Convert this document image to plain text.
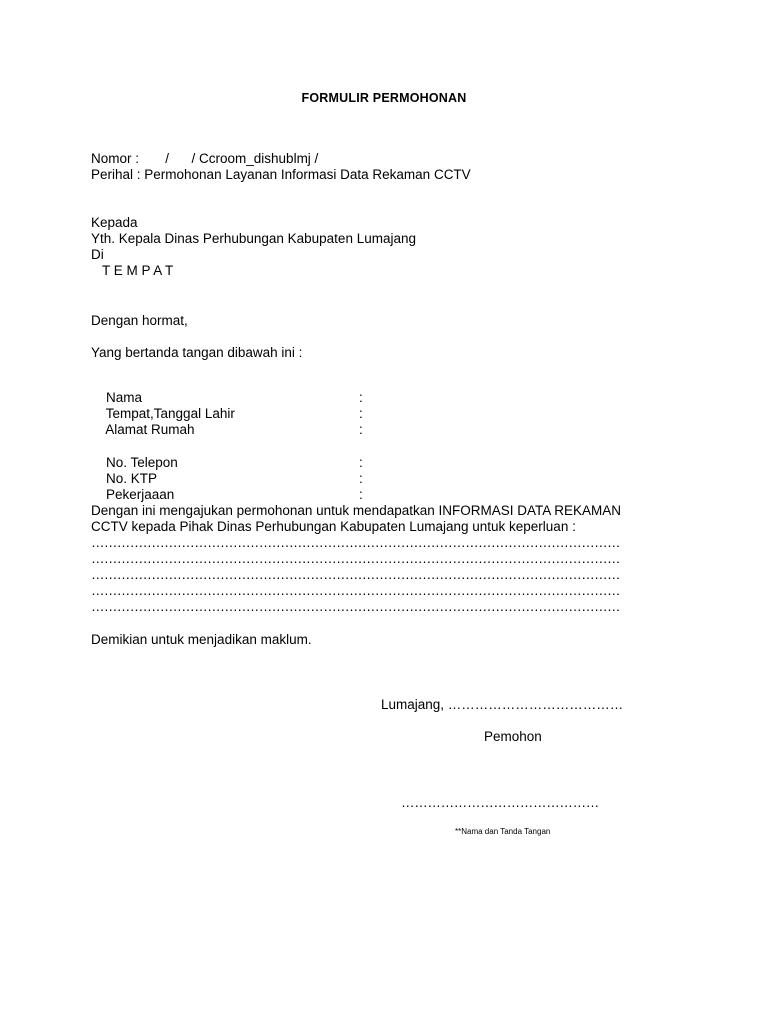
FORMULIR PERMOHONAN
Nomor :       /      / Ccroom_dishublmj /
Perihal : Permohonan Layanan Informasi Data Rekaman CCTV
Kepada
Yth. Kepala Dinas Perhubungan Kabupaten Lumajang
Di
T E M P A T
Dengan hormat,
Yang bertanda tangan dibawah ini :

Nama	:

Tempat,Tanggal Lahir	:

Alamat Rumah	:

No. Telepon	:

No. KTP	:

Pekerjaaan	:

Dengan ini mengajukan permohonan untuk mendapatkan INFORMASI DATA REKAMAN
CCTV kepada Pihak Dinas Perhubungan Kabupaten Lumajang untuk keperluan :
……………………………………………………………………………………………………………
……………………………………………………………………………………………………………
……………………………………………………………………………………………………………
……………………………………………………………………………………………………………
……………………………………………………………………………………………………………
Demikian untuk menjadikan maklum.
Lumajang, …………………………………
Pemohon
………………………………………
**Nama dan Tanda Tangan
